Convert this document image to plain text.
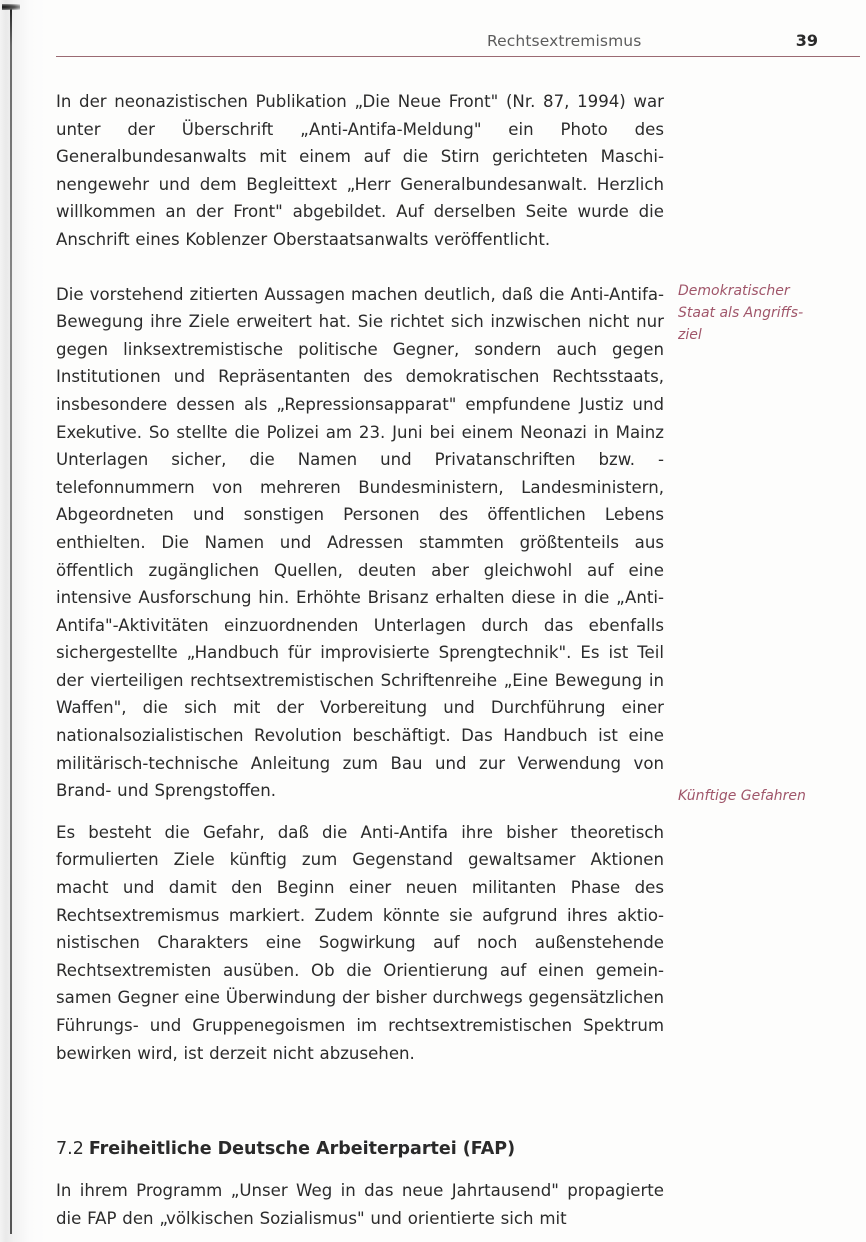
Rechtsextremismus	39

In der neonazistischen Publikation „Die Neue Front" (Nr. 87, 1994) war unter der Überschrift „Anti-Antifa-Meldung" ein Photo des Generalbundesanwalts mit einem auf die Stirn gerichteten Maschinengewehr und dem Begleittext „Herr Generalbundesanwalt. Herzlich willkommen an der Front" abgebildet. Auf derselben Seite wurde die Anschrift eines Koblenzer Oberstaatsanwalts veröffentlicht.

Die vorstehend zitierten Aussagen machen deutlich, daß die Anti-Antifa-Bewegung ihre Ziele erweitert hat. Sie richtet sich inzwischen nicht nur gegen linksextremistische politische Gegner, sondern auch gegen Institutionen und Repräsentanten des demokratischen Rechtsstaats, insbesondere dessen als „Repressionsapparat" empfundene Justiz und Exekutive. So stellte die Polizei am 23. Juni bei einem Neonazi in Mainz Unterlagen sicher, die Namen und Privatanschriften bzw. -telefonnummern von mehreren Bundesministern, Landesministern, Abgeordneten und sonstigen Personen des öffentlichen Lebens enthielten. Die Namen und Adressen stammten größtenteils aus öffentlich zugänglichen Quellen, deuten aber gleichwohl auf eine intensive Ausforschung hin. Erhöhte Brisanz erhalten diese in die „Anti-Antifa"-Aktivitäten einzuordnenden Unterlagen durch das ebenfalls sichergestellte „Handbuch für improvisierte Sprengtechnik". Es ist Teil der vierteiligen rechtsextremistischen Schriftenreihe „Eine Bewegung in Waffen", die sich mit der Vorbereitung und Durchführung einer nationalsozialistischen Revolution beschäftigt. Das Handbuch ist eine militärisch-technische Anleitung zum Bau und zur Verwendung von Brand- und Sprengstoffen.

Es besteht die Gefahr, daß die Anti-Antifa ihre bisher theoretisch formulierten Ziele künftig zum Gegenstand gewaltsamer Aktionen macht und damit den Beginn einer neuen militanten Phase des Rechtsextremismus markiert. Zudem könnte sie aufgrund ihres aktionistischen Charakters eine Sogwirkung auf noch außenstehende Rechtsextremisten ausüben. Ob die Orientierung auf einen gemeinsamen Gegner eine Überwindung der bisher durchwegs gegensätzlichen Führungs- und Gruppenegoismen im rechtsextremistischen Spektrum bewirken wird, ist derzeit nicht abzusehen.

7.2 Freiheitliche Deutsche Arbeiterpartei (FAP)

In ihrem Programm „Unser Weg in das neue Jahrtausend" propagierte die FAP den „völkischen Sozialismus" und orientierte sich mit

Demokratischer
Staat als Angriffs-
ziel
Künftige Gefahren
